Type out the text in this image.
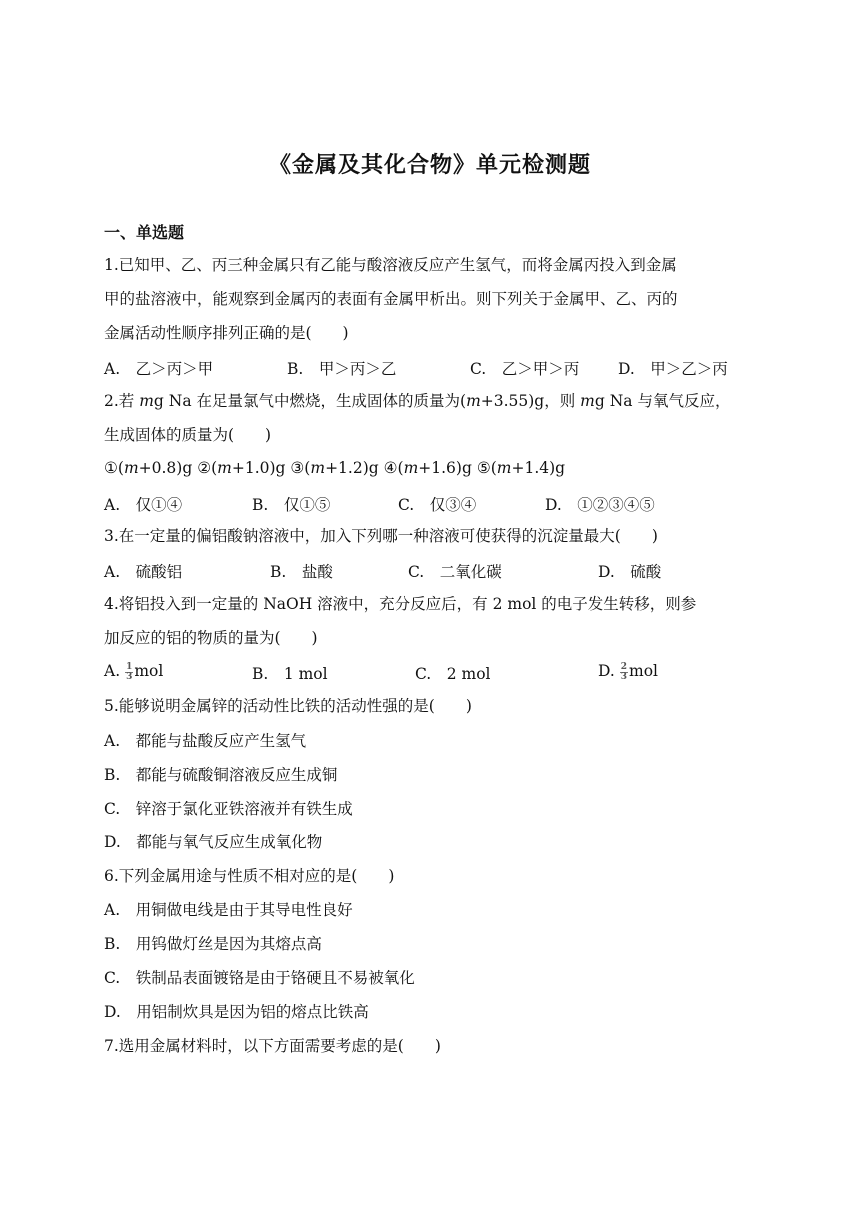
《金属及其化合物》单元检测题
一、单选题
1.已知甲、乙、丙三种金属只有乙能与酸溶液反应产生氢气，而将金属丙投入到金属
甲的盐溶液中，能观察到金属丙的表面有金属甲析出。则下列关于金属甲、乙、丙的
金属活动性顺序排列正确的是(　　)
A.　乙＞丙＞甲	B.　甲＞丙＞乙	C.　乙＞甲＞丙	D.　甲＞乙＞丙
2.若 mg Na 在足量氯气中燃烧，生成固体的质量为(m+3.55)g，则 mg Na 与氧气反应，
生成固体的质量为(　　)
①(m+0.8)g ②(m+1.0)g ③(m+1.2)g ④(m+1.6)g ⑤(m+1.4)g
A.　仅①④	B.　仅①⑤	C.　仅③④	D.　①②③④⑤
3.在一定量的偏铝酸钠溶液中，加入下列哪一种溶液可使获得的沉淀量最大(　　)
A.　硫酸铝	B.　盐酸	C.　二氧化碳	D.　硫酸
4.将铝投入到一定量的 NaOH 溶液中，充分反应后，有 2 mol 的电子发生转移，则参
加反应的铝的物质的量为(　　)
A. $\frac{1}{3}$ mol	B.　1 mol	C.　2 mol	D. $\frac{2}{3}$ mol
5.能够说明金属锌的活动性比铁的活动性强的是(　　)
A.　都能与盐酸反应产生氢气
B.　都能与硫酸铜溶液反应生成铜
C.　锌溶于氯化亚铁溶液并有铁生成
D.　都能与氧气反应生成氧化物
6.下列金属用途与性质不相对应的是(　　)
A.　用铜做电线是由于其导电性良好
B.　用钨做灯丝是因为其熔点高
C.　铁制品表面镀铬是由于铬硬且不易被氧化
D.　用铝制炊具是因为铝的熔点比铁高
7.选用金属材料时，以下方面需要考虑的是(　　)
